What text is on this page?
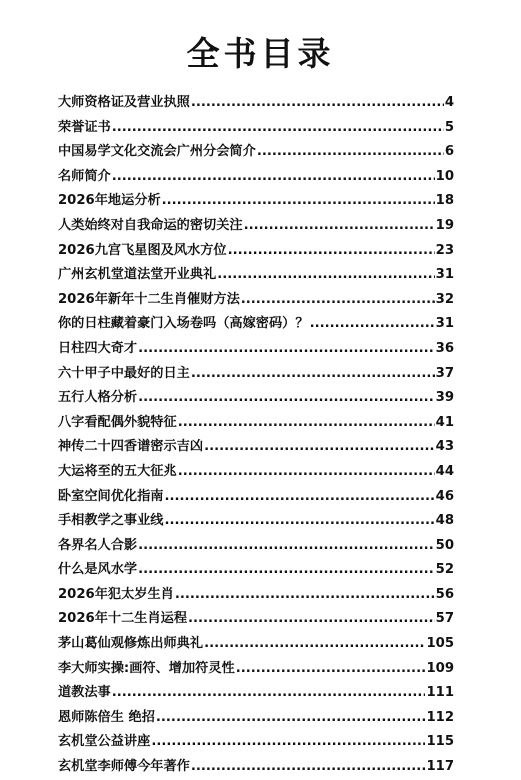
全书目录
大师资格证及营业执照 .....	4
荣誉证书 .....	5
中国易学文化交流会广州分会简介 .....	6
名师简介 .....	10
2026年地运分析 .....	18
人类始终对自我命运的密切关注 .....	19
2026九宫飞星图及风水方位 .....	23
广州玄机堂道法堂开业典礼 .....	31
2026年新年十二生肖催财方法 .....	32
你的日柱藏着豪门入场卷吗（高嫁密码）？ .....	31
日柱四大奇才 .....	36
六十甲子中最好的日主 .....	37
五行人格分析 .....	39
八字看配偶外貌特征 .....	41
神传二十四香谱密示吉凶 .....	43
大运将至的五大征兆 .....	44
卧室空间优化指南 .....	46
手相教学之事业线 .....	48
各界名人合影 .....	50
什么是风水学 .....	52
2026年犯太岁生肖 .....	56
2026年十二生肖运程 .....	57
茅山葛仙观修炼出师典礼 .....	105
李大师实操:画符、增加符灵性 .....	109
道教法事 .....	111
恩师陈倍生 绝招 .....	112
玄机堂公益讲座 .....	115
玄机堂李师傅今年著作 .....	117
